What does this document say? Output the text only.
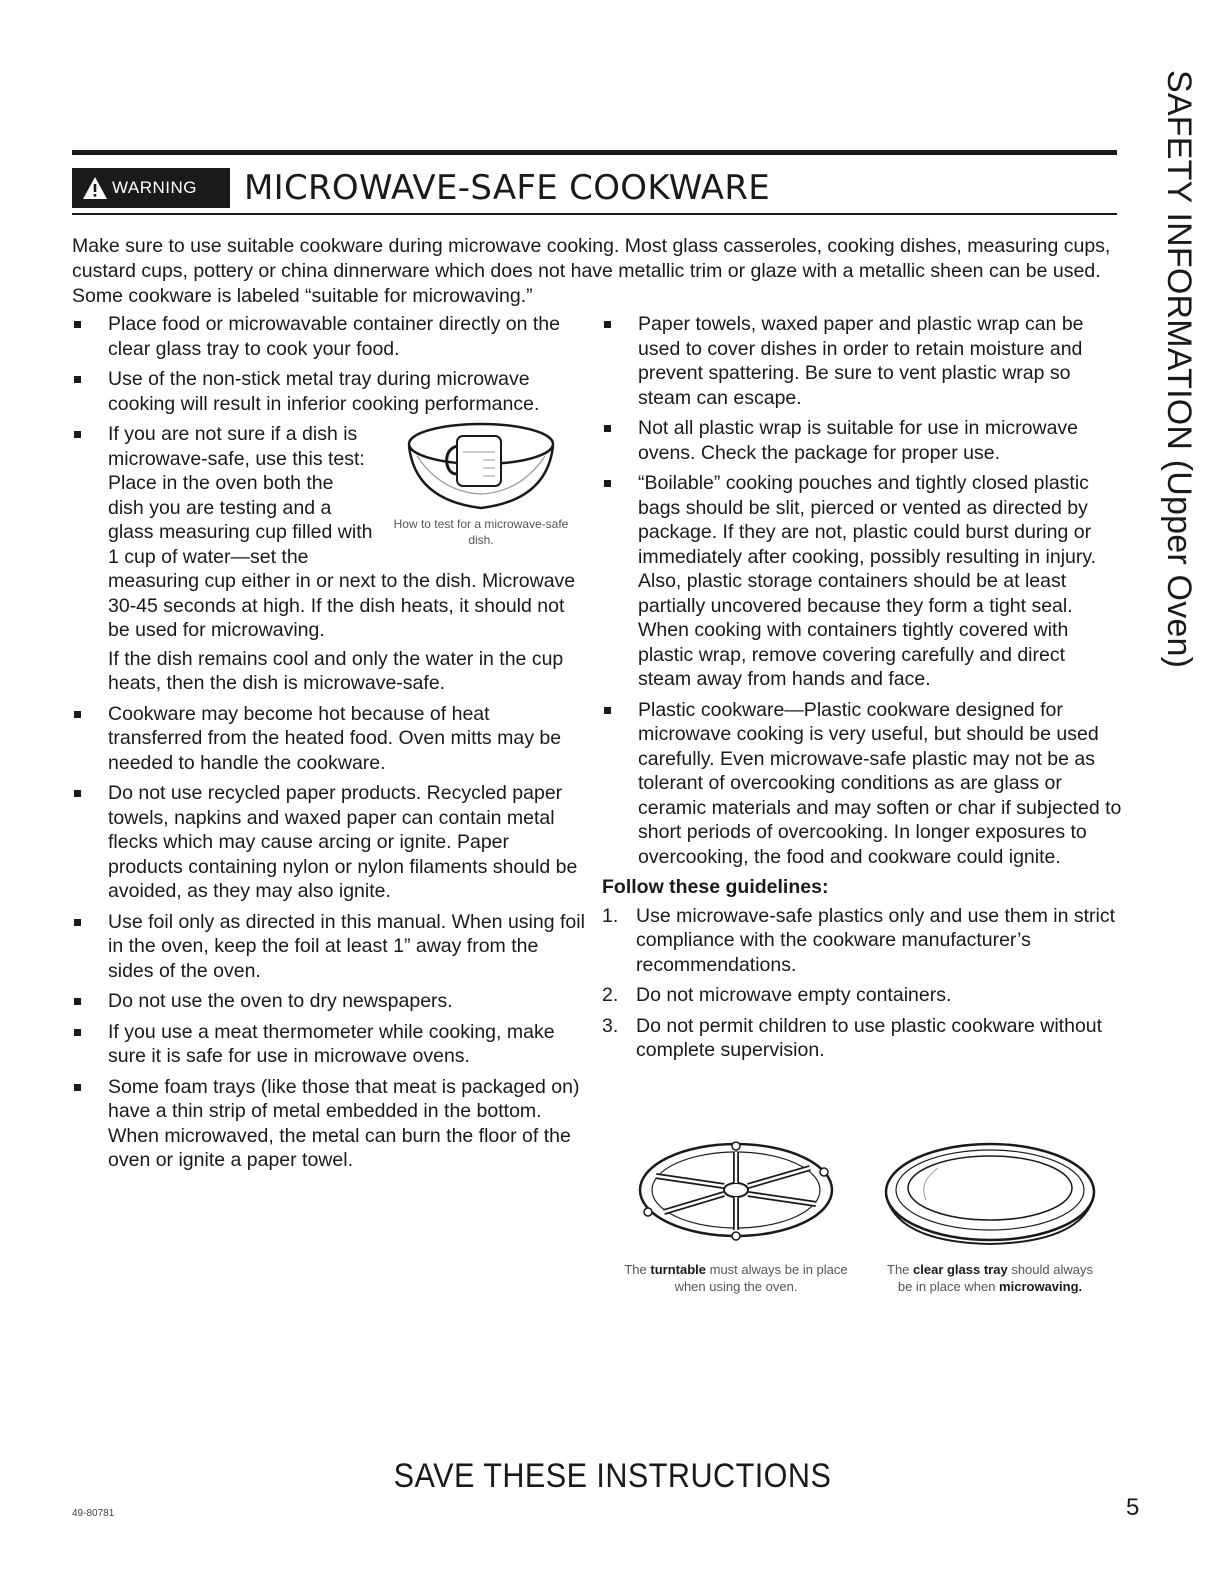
WARNING MICROWAVE-SAFE COOKWARE

Make sure to use suitable cookware during microwave cooking. Most glass casseroles, cooking dishes, measuring cups, custard cups, pottery or china dinnerware which does not have metallic trim or glaze with a metallic sheen can be used. Some cookware is labeled “suitable for microwaving.”

Place food or microwavable container directly on the clear glass tray to cook your food.
Use of the non-stick metal tray during microwave cooking will result in inferior cooking performance.
How to test for a microwave-safe dish.
If you are not sure if a dish is microwave-safe, use this test: Place in the oven both the dish you are testing and a glass measuring cup filled with 1 cup of water—set the measuring cup either in or next to the dish. Microwave 30-45 seconds at high. If the dish heats, it should not be used for microwaving.
If the dish remains cool and only the water in the cup heats, then the dish is microwave-safe.
Cookware may become hot because of heat transferred from the heated food. Oven mitts may be needed to handle the cookware.
Do not use recycled paper products. Recycled paper towels, napkins and waxed paper can contain metal flecks which may cause arcing or ignite. Paper products containing nylon or nylon filaments should be avoided, as they may also ignite.
Use foil only as directed in this manual. When using foil in the oven, keep the foil at least 1” away from the sides of the oven.
Do not use the oven to dry newspapers.
If you use a meat thermometer while cooking, make sure it is safe for use in microwave ovens.
Some foam trays (like those that meat is packaged on) have a thin strip of metal embedded in the bottom. When microwaved, the metal can burn the floor of the oven or ignite a paper towel.
Paper towels, waxed paper and plastic wrap can be used to cover dishes in order to retain moisture and prevent spattering. Be sure to vent plastic wrap so steam can escape.
Not all plastic wrap is suitable for use in microwave ovens. Check the package for proper use.
“Boilable” cooking pouches and tightly closed plastic bags should be slit, pierced or vented as directed by package. If they are not, plastic could burst during or immediately after cooking, possibly resulting in injury. Also, plastic storage containers should be at least partially uncovered because they form a tight seal. When cooking with containers tightly covered with plastic wrap, remove covering carefully and direct steam away from hands and face.
Plastic cookware—Plastic cookware designed for microwave cooking is very useful, but should be used carefully. Even microwave-safe plastic may not be as tolerant of overcooking conditions as are glass or ceramic materials and may soften or char if subjected to short periods of overcooking. In longer exposures to overcooking, the food and cookware could ignite.
Follow these guidelines:
1. Use microwave-safe plastics only and use them in strict compliance with the cookware manufacturer’s recommendations.
2. Do not microwave empty containers.
3. Do not permit children to use plastic cookware without complete supervision.
The turntable must always be in place when using the oven.
The clear glass tray should always be in place when microwaving.
SAFETY INFORMATION (Upper Oven)
SAVE THESE INSTRUCTIONS
49-80781	5
